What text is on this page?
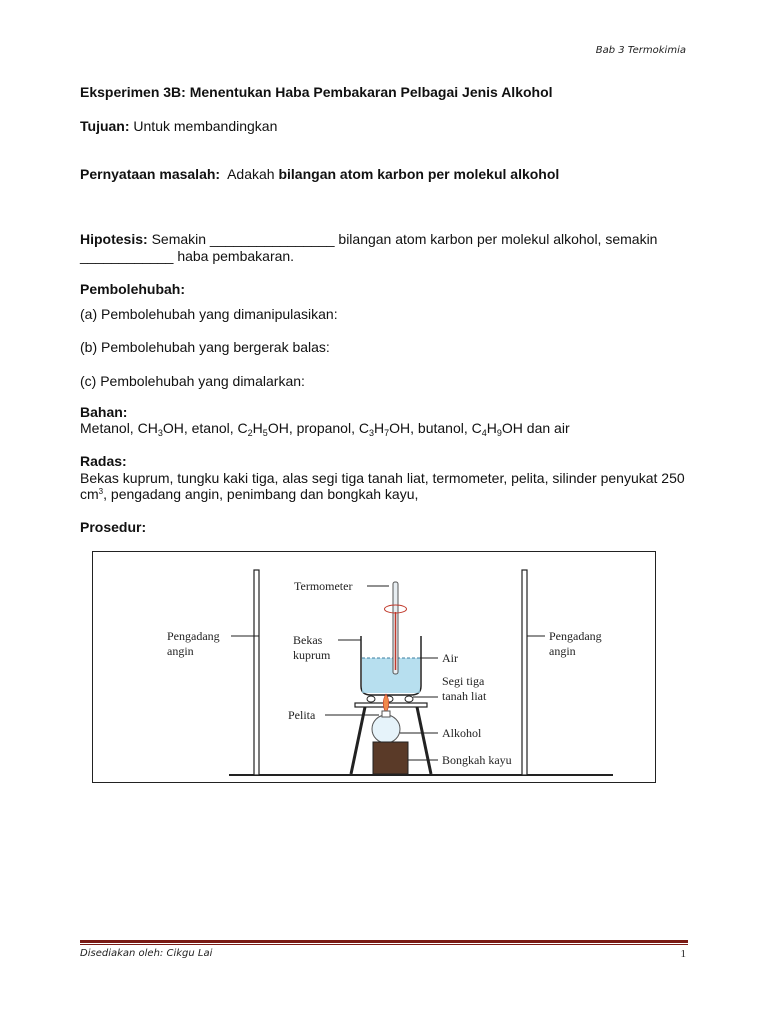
Bab 3 Termokimia
Eksperimen 3B: Menentukan Haba Pembakaran Pelbagai Jenis Alkohol
Tujuan: Untuk membandingkan
Pernyataan masalah: Adakah bilangan atom karbon per molekul alkohol
Hipotesis: Semakin ________________ bilangan atom karbon per molekul alkohol, semakin
____________ haba pembakaran.
Pembolehubah:
(a) Pembolehubah yang dimanipulasikan:
(b) Pembolehubah yang bergerak balas:
(c) Pembolehubah yang dimalarkan:
Bahan:
Metanol, $CH_3OH$, etanol, $C_2H_5OH$, propanol, $C_3H_7OH$, butanol, $C_4H_9OH$ dan air
Radas:
Bekas kuprum, tungku kaki tiga, alas segi tiga tanah liat, termometer, pelita, silinder penyukat 250
$cm^3$, pengadang angin, penimbang dan bongkah kayu,
Prosedur:
Termometer
Pengadang
angin
Pengadang
angin
Bekas
kuprum	Air
Segi tiga
tanah liat
Pelita
Alkohol
Bongkah kayu
Disediakan oleh: Cikgu Lai	1
